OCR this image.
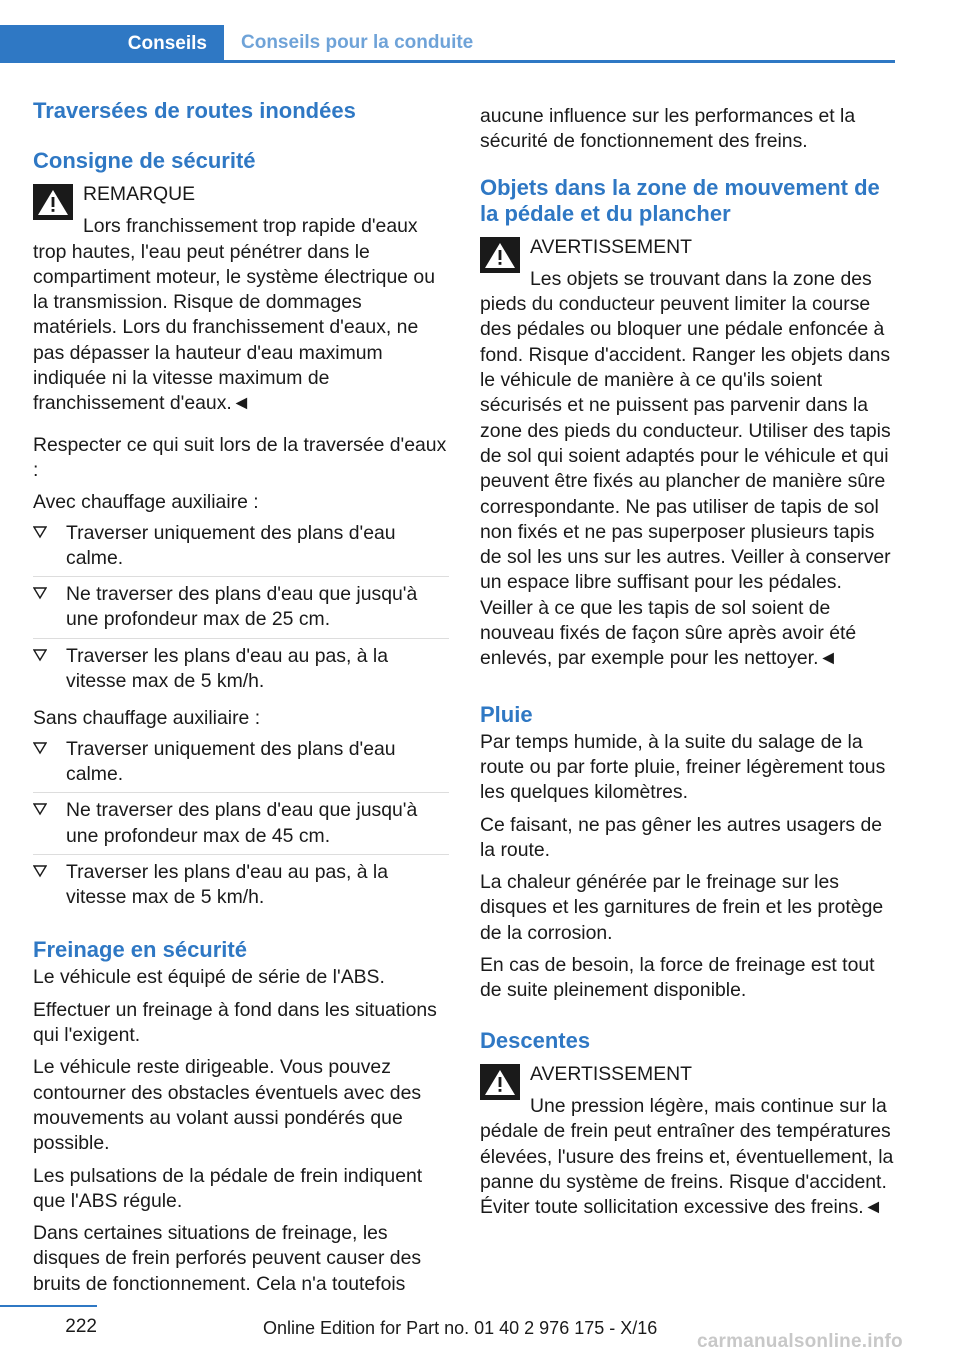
Conseils	Conseils pour la conduite
Traversées de routes inondées
Consigne de sécurité
REMARQUE
Lors franchissement trop rapide d'eaux trop hautes, l'eau peut pénétrer dans le compartiment moteur, le système électrique ou la transmission. Risque de dommages matériels. Lors du franchissement d'eaux, ne pas dépasser la hauteur d'eau maximum indiquée ni la vitesse maximum de franchissement d'eaux.◄

Respecter ce qui suit lors de la traversée d'eaux :

Avec chauffage auxiliaire :

Traverser uniquement des plans d'eau calme.
Ne traverser des plans d'eau que jusqu'à une profondeur max de 25 cm.
Traverser les plans d'eau au pas, à la vitesse max de 5 km/h.

Sans chauffage auxiliaire :

Traverser uniquement des plans d'eau calme.
Ne traverser des plans d'eau que jusqu'à une profondeur max de 45 cm.
Traverser les plans d'eau au pas, à la vitesse max de 5 km/h.
Freinage en sécurité

Le véhicule est équipé de série de l'ABS.

Effectuer un freinage à fond dans les situations qui l'exigent.

Le véhicule reste dirigeable. Vous pouvez contourner des obstacles éventuels avec des mouvements au volant aussi pondérés que possible.

Les pulsations de la pédale de frein indiquent que l'ABS régule.

Dans certaines situations de freinage, les disques de frein perforés peuvent causer des bruits de fonctionnement. Cela n'a toutefois

aucune influence sur les performances et la sécurité de fonctionnement des freins.

Objets dans la zone de mouvement de la pédale et du plancher
AVERTISSEMENT
Les objets se trouvant dans la zone des pieds du conducteur peuvent limiter la course des pédales ou bloquer une pédale enfoncée à fond. Risque d'accident. Ranger les objets dans le véhicule de manière à ce qu'ils soient sécurisés et ne puissent pas parvenir dans la zone des pieds du conducteur. Utiliser des tapis de sol qui soient adaptés pour le véhicule et qui peuvent être fixés au plancher de manière sûre correspondante. Ne pas utiliser de tapis de sol non fixés et ne pas superposer plusieurs tapis de sol les uns sur les autres. Veiller à conserver un espace libre suffisant pour les pédales. Veiller à ce que les tapis de sol soient de nouveau fixés de façon sûre après avoir été enlevés, par exemple pour les nettoyer.◄
Pluie

Par temps humide, à la suite du salage de la route ou par forte pluie, freiner légèrement tous les quelques kilomètres.

Ce faisant, ne pas gêner les autres usagers de la route.

La chaleur générée par le freinage sur les disques et les garnitures de frein et les protège de la corrosion.

En cas de besoin, la force de freinage est tout de suite pleinement disponible.

Descentes
AVERTISSEMENT
Une pression légère, mais continue sur la pédale de frein peut entraîner des températures élevées, l'usure des freins et, éventuellement, la panne du système de freins. Risque d'accident. Éviter toute sollicitation excessive des freins.◄
222	Online Edition for Part no. 01 40 2 976 175 - X/16
carmanualsonline.info
